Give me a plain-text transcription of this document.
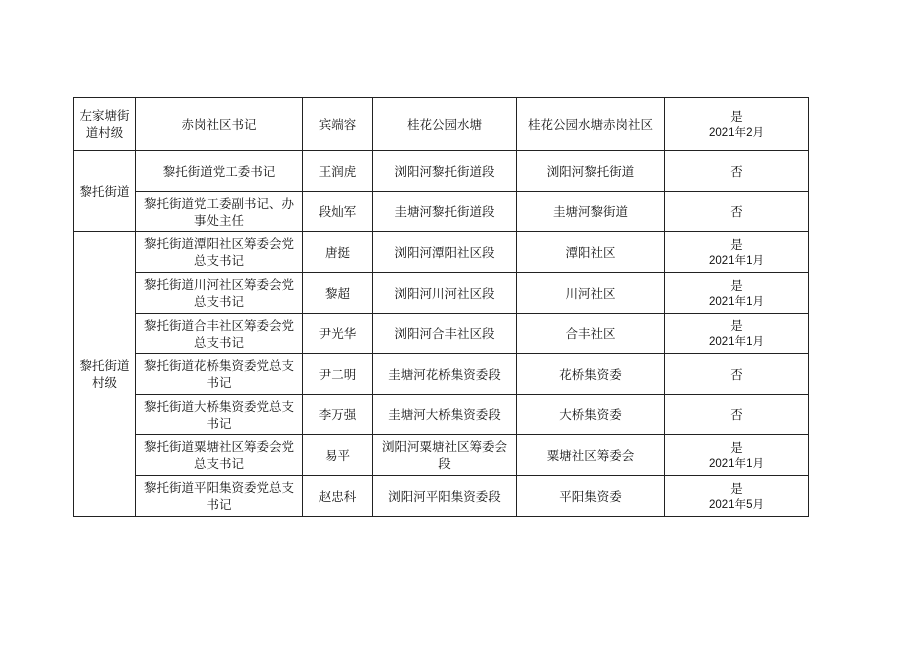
左家塘街
道村级	赤岗社区书记	宾端容	桂花公园水塘	桂花公园水塘赤岗社区	是
2021年2月

黎托街道	黎托街道党工委书记	王润虎	浏阳河黎托街道段	浏阳河黎托街道	否

	黎托街道党工委副书记、办
事处主任	段灿军	圭塘河黎托街道段	圭塘河黎街道	否

黎托街道
村级	黎托街道潭阳社区筹委会党
总支书记	唐挺	浏阳河潭阳社区段	潭阳社区	是
2021年1月

	黎托街道川河社区筹委会党
总支书记	黎超	浏阳河川河社区段	川河社区	是
2021年1月

	黎托街道合丰社区筹委会党
总支书记	尹光华	浏阳河合丰社区段	合丰社区	是
2021年1月

	黎托街道花桥集资委党总支
书记	尹二明	圭塘河花桥集资委段	花桥集资委	否

	黎托街道大桥集资委党总支
书记	李万强	圭塘河大桥集资委段	大桥集资委	否

	黎托街道粟塘社区筹委会党
总支书记	易平	浏阳河粟塘社区筹委会
段	粟塘社区筹委会	是
2021年1月

	黎托街道平阳集资委党总支
书记	赵忠科	浏阳河平阳集资委段	平阳集资委	是
2021年5月
